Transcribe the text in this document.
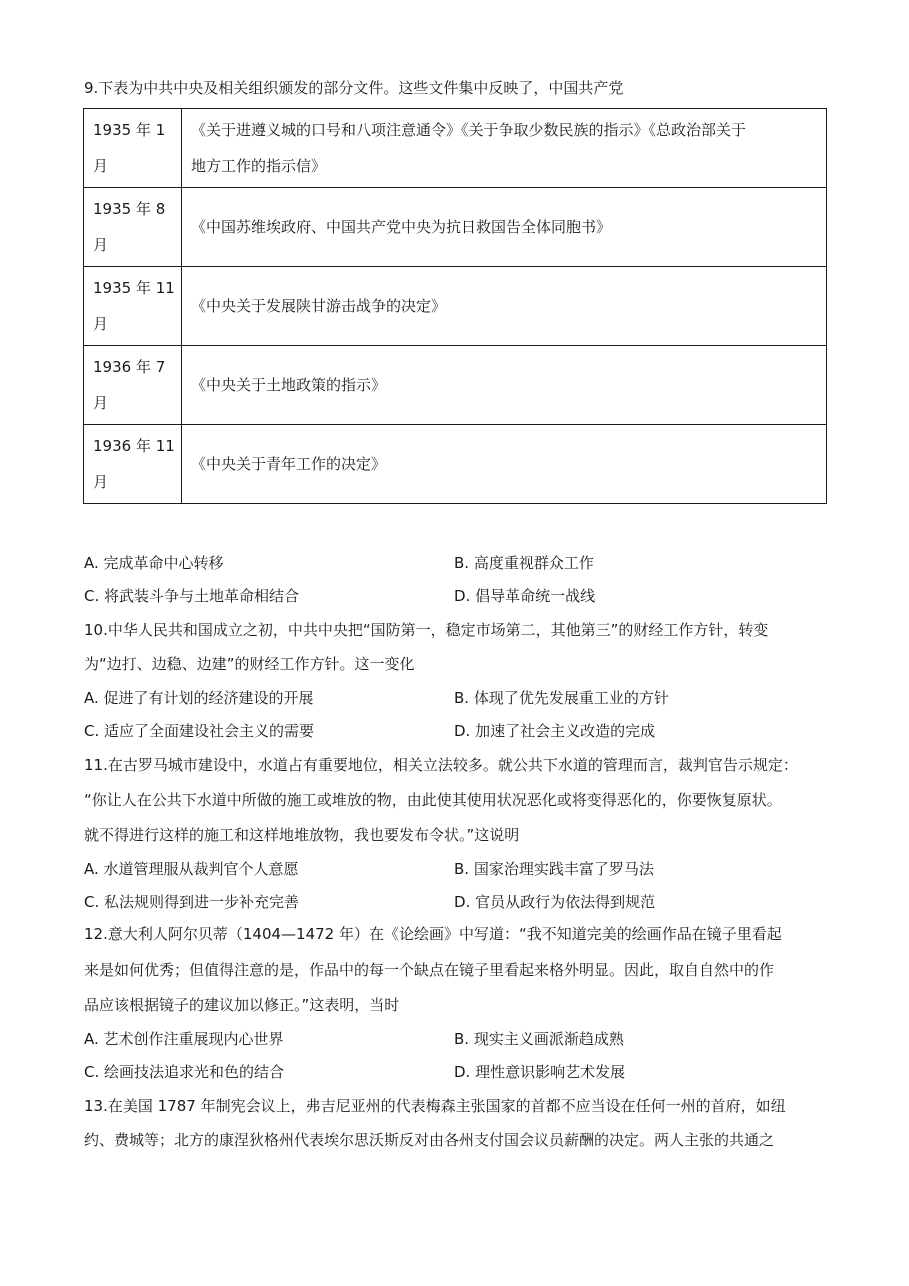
9.下表为中共中央及相关组织颁发的部分文件。这些文件集中反映了，中国共产党
1935 年 1
月	《关于进遵义城的口号和八项注意通令》《关于争取少数民族的指示》《总政治部关于
地方工作的指示信》
1935 年 8
月	《中国苏维埃政府、中国共产党中央为抗日救国告全体同胞书》
1935 年 11
月	《中央关于发展陕甘游击战争的决定》
1936 年 7
月	《中央关于土地政策的指示》
1936 年 11
月	《中央关于青年工作的决定》
A. 完成革命中心转移	B. 高度重视群众工作
C. 将武装斗争与土地革命相结合	D. 倡导革命统一战线
10.中华人民共和国成立之初，中共中央把“国防第一，稳定市场第二，其他第三”的财经工作方针，转变
为“边打、边稳、边建”的财经工作方针。这一变化
A. 促进了有计划的经济建设的开展	B. 体现了优先发展重工业的方针
C. 适应了全面建设社会主义的需要	D. 加速了社会主义改造的完成
11.在古罗马城市建设中，水道占有重要地位，相关立法较多。就公共下水道的管理而言，裁判官告示规定：
“你让人在公共下水道中所做的施工或堆放的物，由此使其使用状况恶化或将变得恶化的，你要恢复原状。
就不得进行这样的施工和这样地堆放物，我也要发布令状。”这说明
A. 水道管理服从裁判官个人意愿	B. 国家治理实践丰富了罗马法
C. 私法规则得到进一步补充完善	D. 官员从政行为依法得到规范
12.意大利人阿尔贝蒂（1404—1472 年）在《论绘画》中写道：“我不知道完美的绘画作品在镜子里看起
来是如何优秀；但值得注意的是，作品中的每一个缺点在镜子里看起来格外明显。因此，取自自然中的作
品应该根据镜子的建议加以修正。”这表明，当时
A. 艺术创作注重展现内心世界	B. 现实主义画派渐趋成熟
C. 绘画技法追求光和色的结合	D. 理性意识影响艺术发展
13.在美国 1787 年制宪会议上，弗吉尼亚州的代表梅森主张国家的首都不应当设在任何一州的首府，如纽
约、费城等；北方的康涅狄格州代表埃尔思沃斯反对由各州支付国会议员薪酬的决定。两人主张的共通之
